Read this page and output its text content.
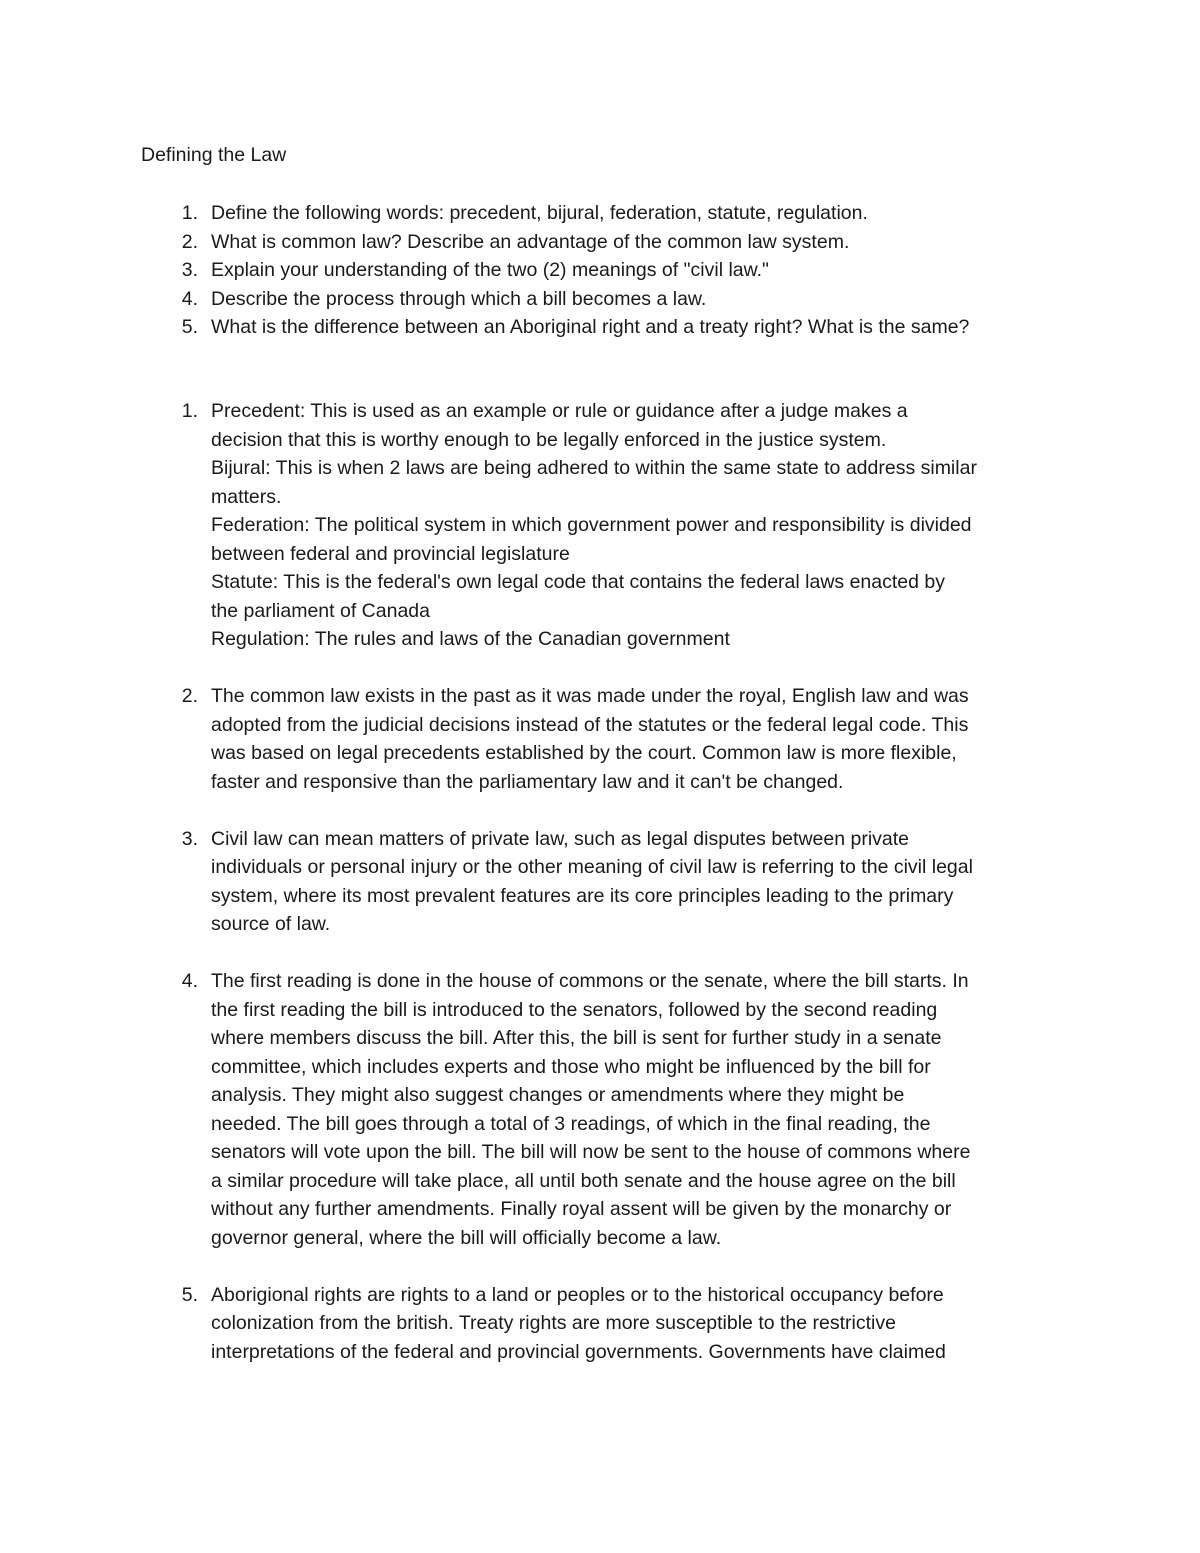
Defining the Law
1. Define the following words: precedent, bijural, federation, statute, regulation.
2. What is common law? Describe an advantage of the common law system.
3. Explain your understanding of the two (2) meanings of "civil law."
4. Describe the process through which a bill becomes a law.
5. What is the difference between an Aboriginal right and a treaty right? What is the same?
1. Precedent: This is used as an example or rule or guidance after a judge makes a
decision that this is worthy enough to be legally enforced in the justice system.
Bijural: This is when 2 laws are being adhered to within the same state to address similar
matters.
Federation: The political system in which government power and responsibility is divided
between federal and provincial legislature
Statute: This is the federal's own legal code that contains the federal laws enacted by
the parliament of Canada
Regulation: The rules and laws of the Canadian government
2. The common law exists in the past as it was made under the royal, English law and was
adopted from the judicial decisions instead of the statutes or the federal legal code. This
was based on legal precedents established by the court. Common law is more flexible,
faster and responsive than the parliamentary law and it can't be changed.
3. Civil law can mean matters of private law, such as legal disputes between private
individuals or personal injury or the other meaning of civil law is referring to the civil legal
system, where its most prevalent features are its core principles leading to the primary
source of law.
4. The first reading is done in the house of commons or the senate, where the bill starts. In
the first reading the bill is introduced to the senators, followed by the second reading
where members discuss the bill. After this, the bill is sent for further study in a senate
committee, which includes experts and those who might be influenced by the bill for
analysis. They might also suggest changes or amendments where they might be
needed. The bill goes through a total of 3 readings, of which in the final reading, the
senators will vote upon the bill. The bill will now be sent to the house of commons where
a similar procedure will take place, all until both senate and the house agree on the bill
without any further amendments. Finally royal assent will be given by the monarchy or
governor general, where the bill will officially become a law.
5. Aborigional rights are rights to a land or peoples or to the historical occupancy before
colonization from the british. Treaty rights are more susceptible to the restrictive
interpretations of the federal and provincial governments. Governments have claimed
